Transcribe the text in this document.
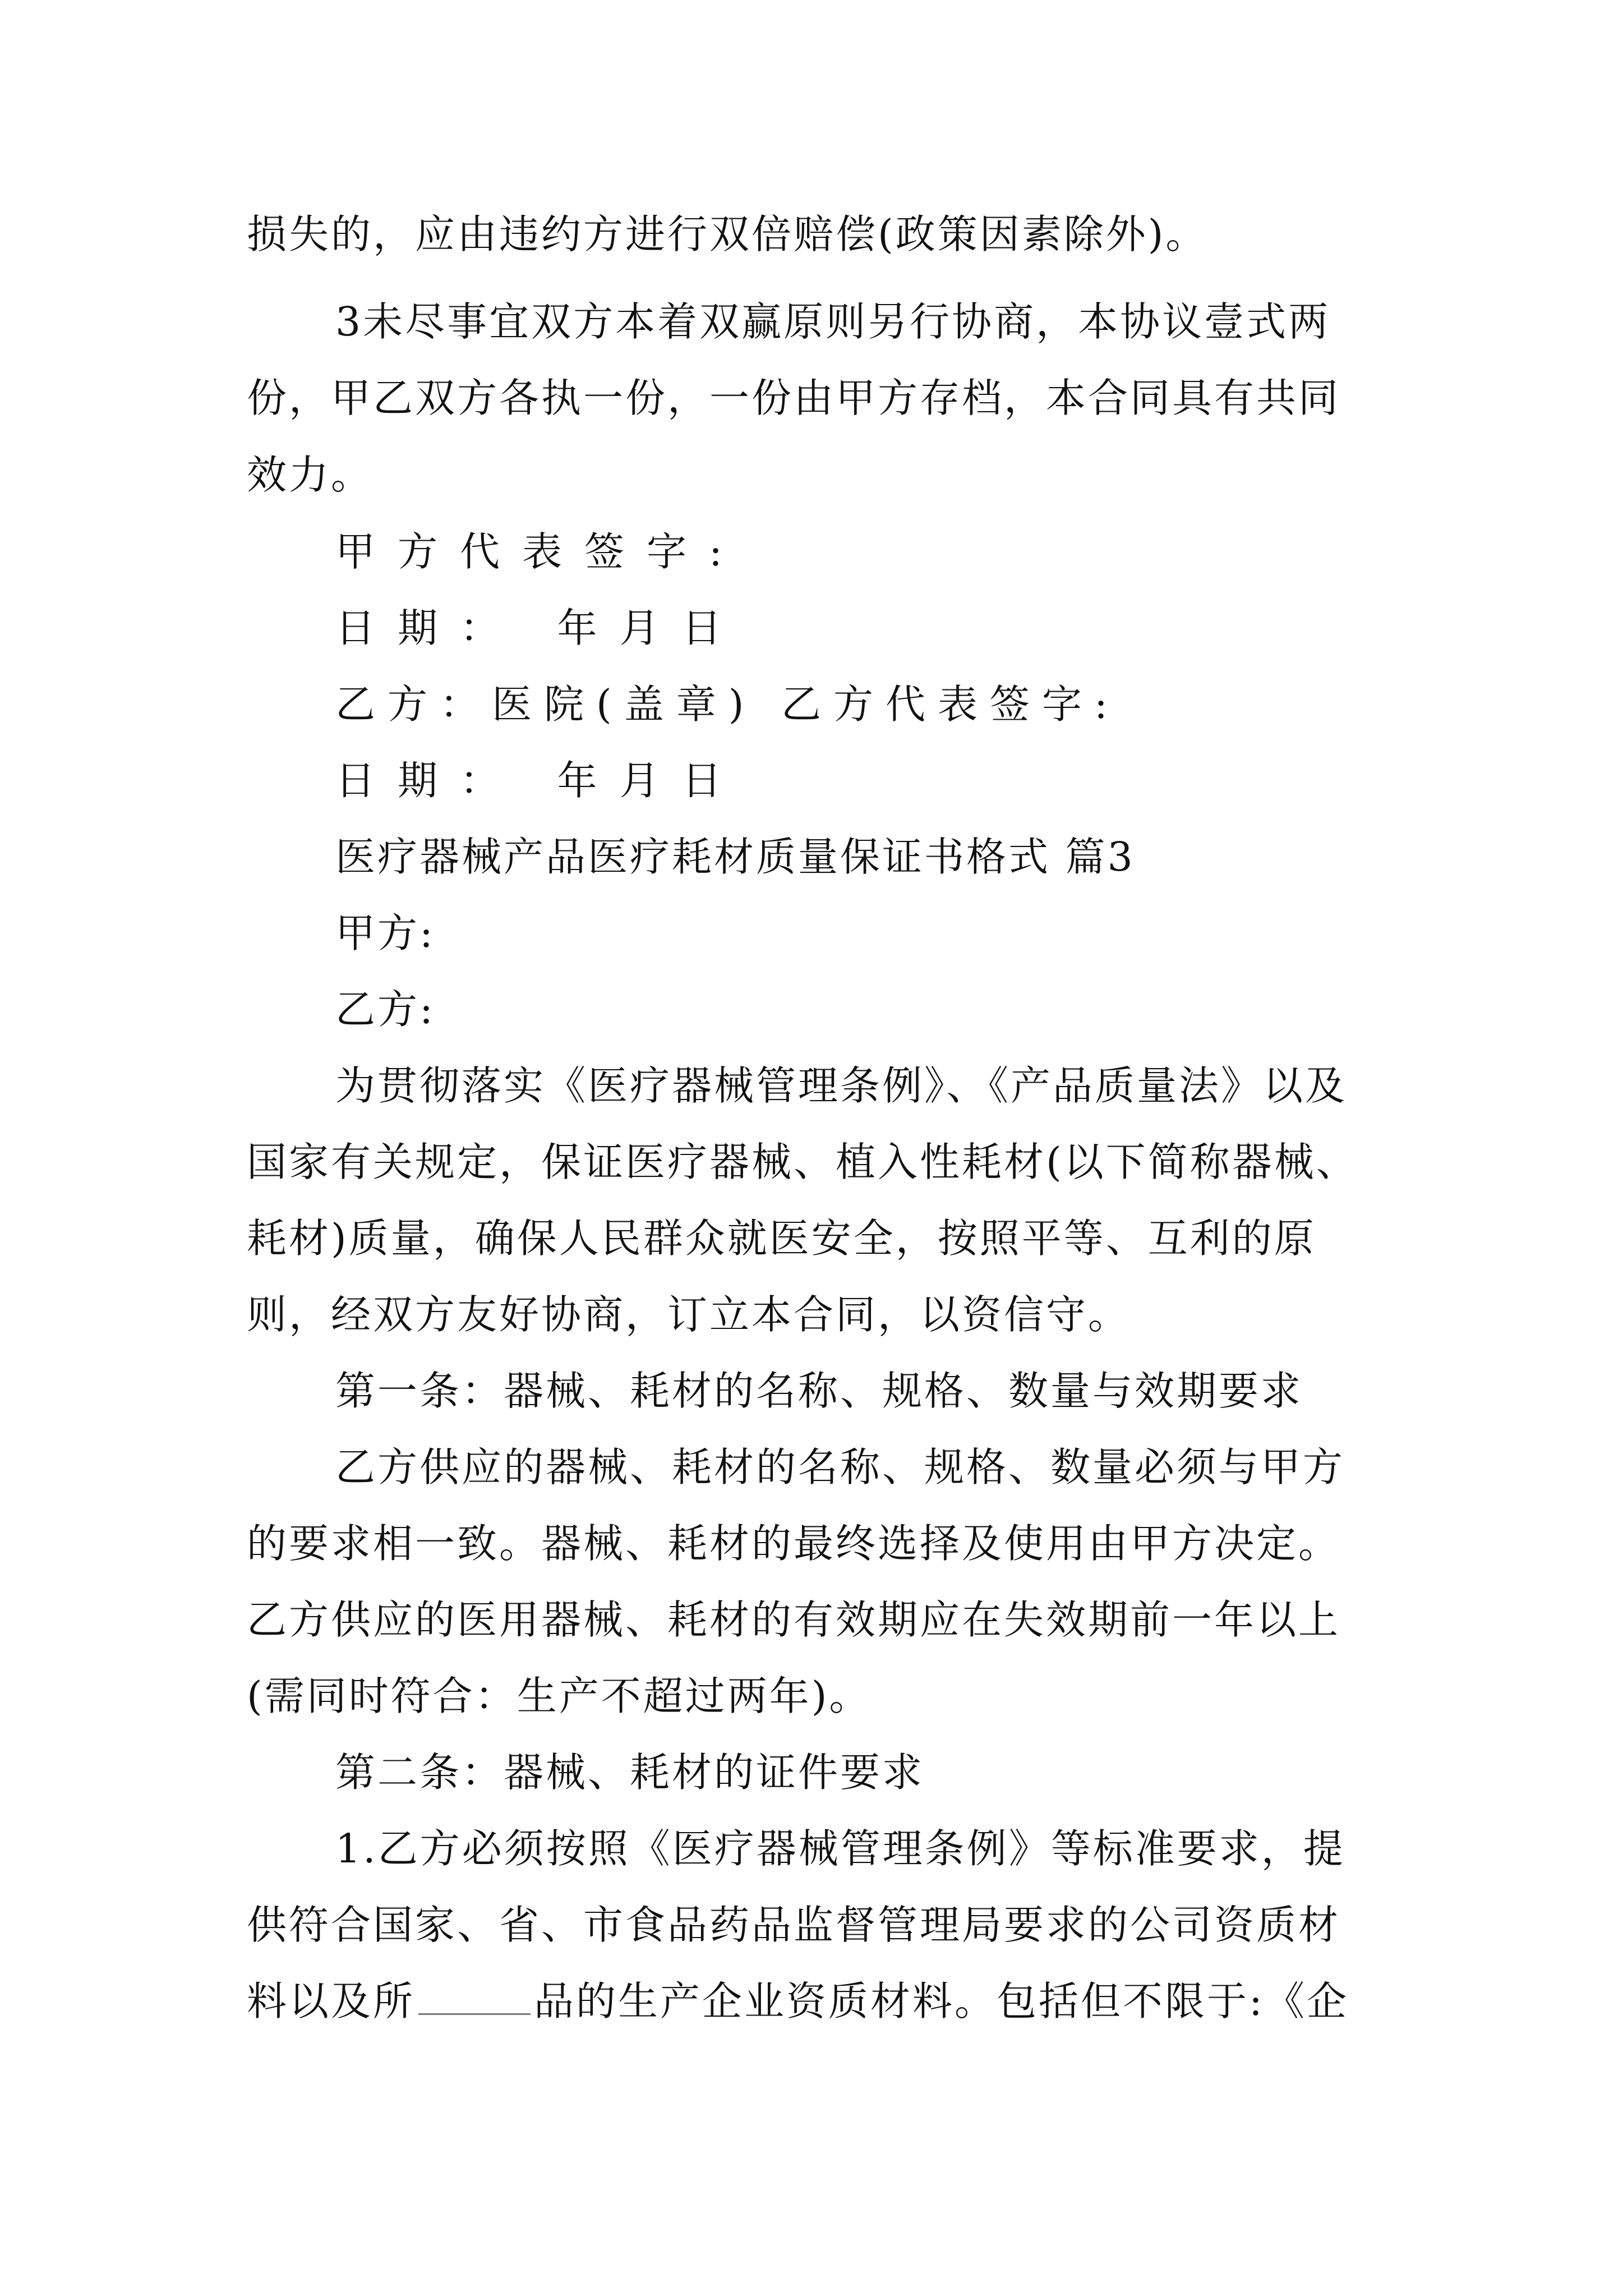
损失的，应由违约方进行双倍赔偿(政策因素除外)。
3未尽事宜双方本着双赢原则另行协商，本协议壹式两
份，甲乙双方各执一份，一份由甲方存档，本合同具有共同
效力。
甲方代表签字:
日期： 年月日
乙方：医院(盖章) 乙方代表签字:
日期： 年月日
医疗器械产品医疗耗材质量保证书格式 篇3
甲方:
乙方:
为贯彻落实《医疗器械管理条例》、《产品质量法》以及
国家有关规定，保证医疗器械、植入性耗材(以下简称器械、
耗材)质量，确保人民群众就医安全，按照平等、互利的原
则，经双方友好协商，订立本合同，以资信守。
第一条：器械、耗材的名称、规格、数量与效期要求
乙方供应的器械、耗材的名称、规格、数量必须与甲方
的要求相一致。器械、耗材的最终选择及使用由甲方决定。
乙方供应的医用器械、耗材的有效期应在失效期前一年以上
(需同时符合：生产不超过两年)。
第二条：器械、耗材的证件要求
1.乙方必须按照《医疗器械管理条例》等标准要求，提
供符合国家、省、市食品药品监督管理局要求的公司资质材
料以及所	品的生产企业资质材料。包括但不限于:《企
